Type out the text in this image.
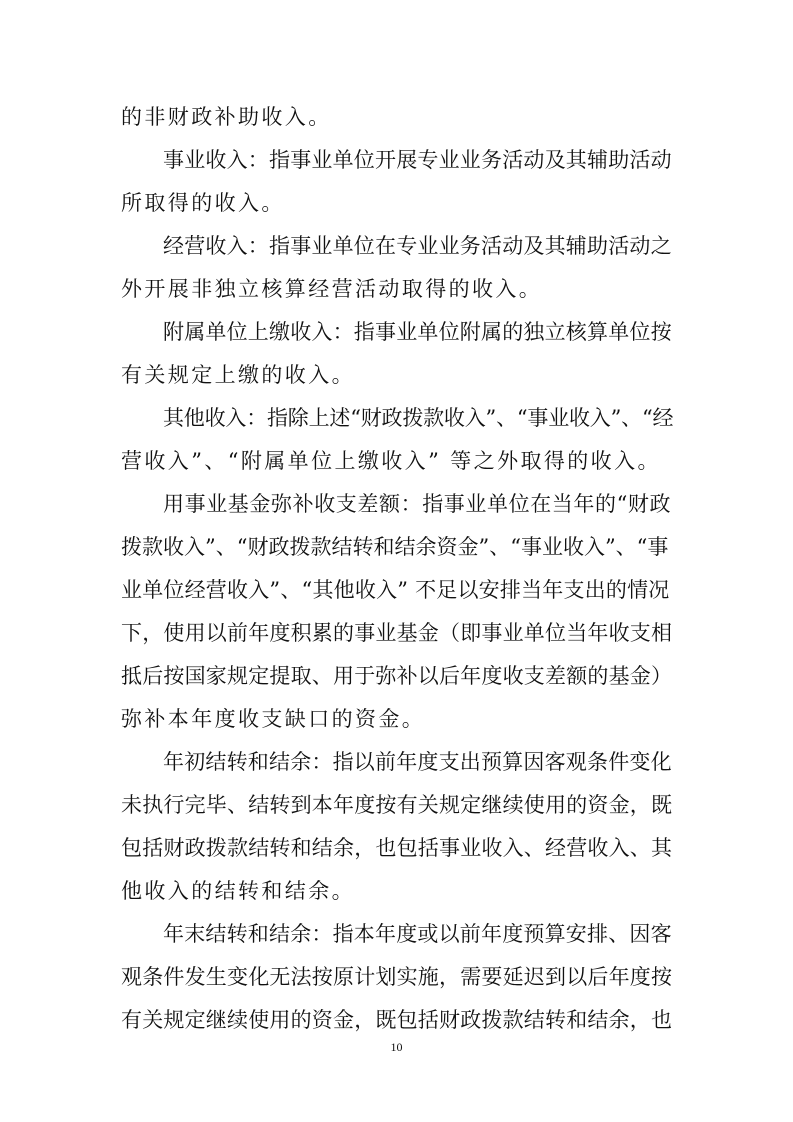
的非财政补助收入。
事业收入：指事业单位开展专业业务活动及其辅助活动
所取得的收入。
经营收入：指事业单位在专业业务活动及其辅助活动之
外开展非独立核算经营活动取得的收入。
附属单位上缴收入：指事业单位附属的独立核算单位按
有关规定上缴的收入。
其他收入：指除上述“财政拨款收入”、“事业收入”、“经
营收入”、“附属单位上缴收入” 等之外取得的收入。
用事业基金弥补收支差额：指事业单位在当年的“财政
拨款收入”、“财政拨款结转和结余资金”、“事业收入”、“事
业单位经营收入”、“其他收入” 不足以安排当年支出的情况
下，使用以前年度积累的事业基金（即事业单位当年收支相
抵后按国家规定提取、用于弥补以后年度收支差额的基金）
弥补本年度收支缺口的资金。
年初结转和结余：指以前年度支出预算因客观条件变化
未执行完毕、结转到本年度按有关规定继续使用的资金，既
包括财政拨款结转和结余，也包括事业收入、经营收入、其
他收入的结转和结余。
年末结转和结余：指本年度或以前年度预算安排、因客
观条件发生变化无法按原计划实施，需要延迟到以后年度按
有关规定继续使用的资金，既包括财政拨款结转和结余，也
10
